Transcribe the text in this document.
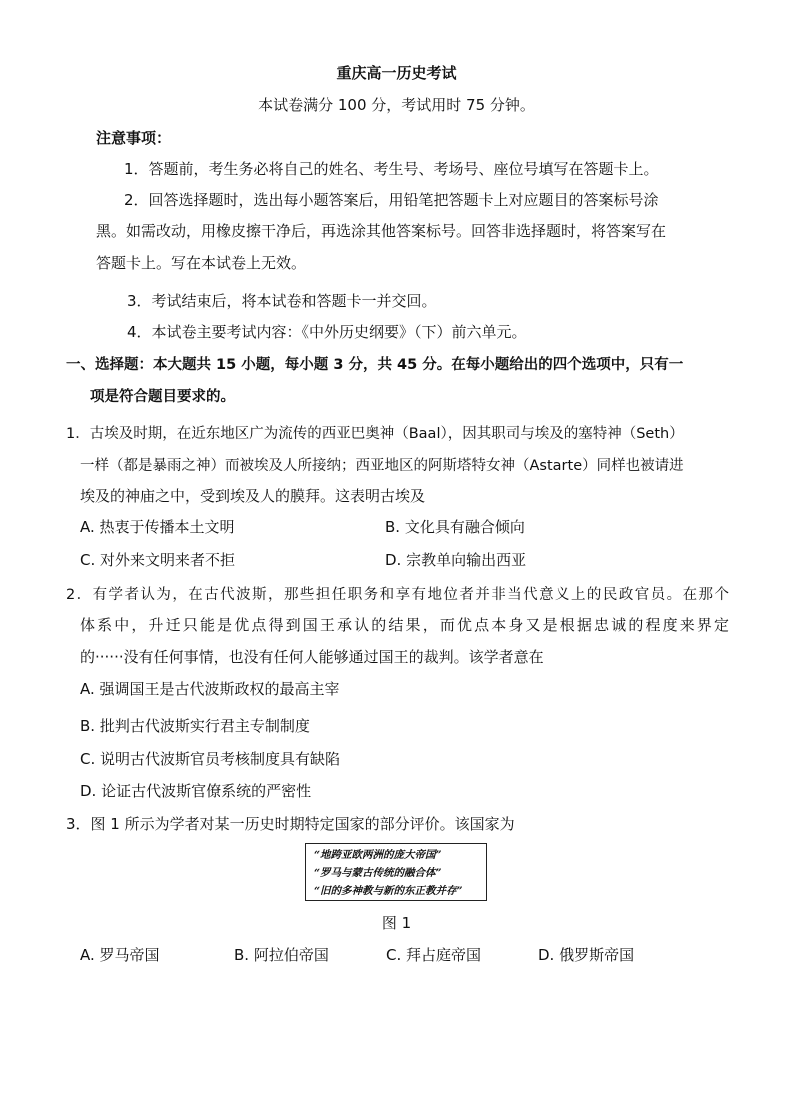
重庆高一历史考试
本试卷满分 100 分，考试用时 75 分钟。
注意事项：
1．答题前，考生务必将自己的姓名、考生号、考场号、座位号填写在答题卡上。
2．回答选择题时，选出每小题答案后，用铅笔把答题卡上对应题目的答案标号涂
黑。如需改动，用橡皮擦干净后，再选涂其他答案标号。回答非选择题时，将答案写在
答题卡上。写在本试卷上无效。
3．考试结束后，将本试卷和答题卡一并交回。
4．本试卷主要考试内容：《中外历史纲要》（下）前六单元。
一、选择题：本大题共 15 小题，每小题 3 分，共 45 分。在每小题给出的四个选项中，只有一
项是符合题目要求的。
1．古埃及时期，在近东地区广为流传的西亚巴奥神（Baal），因其职司与埃及的塞特神（Seth）
一样（都是暴雨之神）而被埃及人所接纳；西亚地区的阿斯塔特女神（Astarte）同样也被请进
埃及的神庙之中，受到埃及人的膜拜。这表明古埃及
A. 热衷于传播本土文明	B. 文化具有融合倾向
C. 对外来文明来者不拒	D. 宗教单向输出西亚
2．有学者认为，在古代波斯，那些担任职务和享有地位者并非当代意义上的民政官员。在那个
体系中，升迁只能是优点得到国王承认的结果，而优点本身又是根据忠诚的程度来界定
的······没有任何事情，也没有任何人能够通过国王的裁判。该学者意在
A. 强调国王是古代波斯政权的最高主宰
B. 批判古代波斯实行君主专制制度
C. 说明古代波斯官员考核制度具有缺陷
D. 论证古代波斯官僚系统的严密性
3．图 1 所示为学者对某一历史时期特定国家的部分评价。该国家为
“地跨亚欧两洲的庞大帝国”
“罗马与蒙古传统的融合体”
“旧的多神教与新的东正教并存”
图 1
A. 罗马帝国	B. 阿拉伯帝国	C. 拜占庭帝国	D. 俄罗斯帝国
